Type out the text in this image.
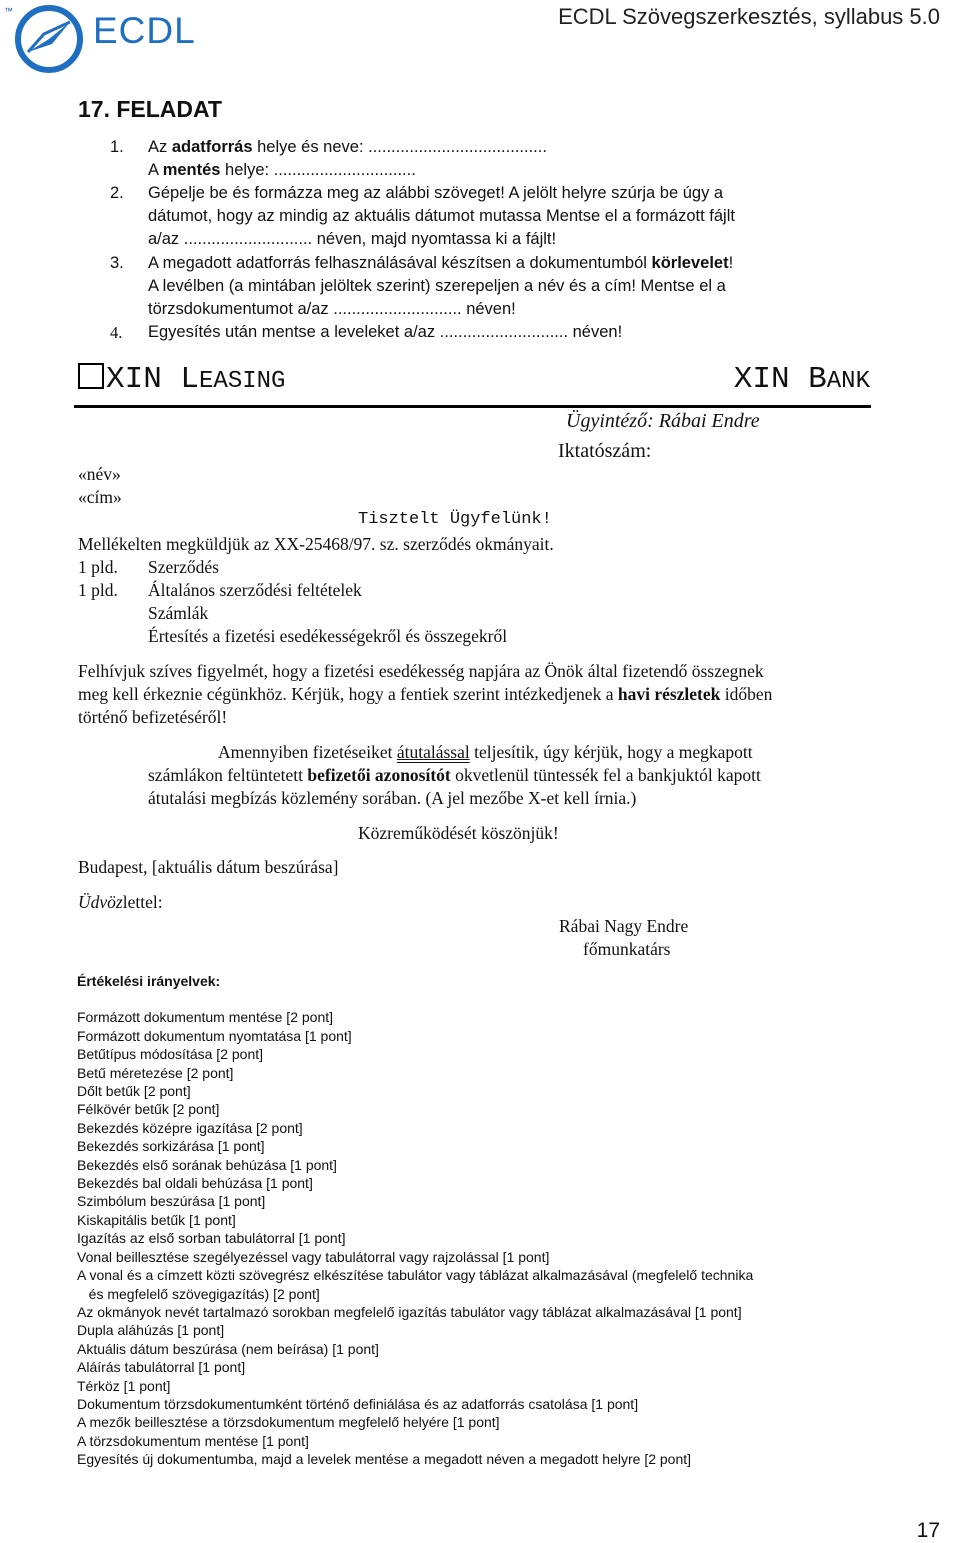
™ ECDL	ECDL Szövegszerkesztés, syllabus 5.0
17. FELADAT
1. Az adatforrás helye és neve: .......................................
A mentés helye: ...............................
2. Gépelje be és formázza meg az alábbi szöveget! A jelölt helyre szúrja be úgy a
dátumot, hogy az mindig az aktuális dátumot mutassa Mentse el a formázott fájlt
a/az ............................ néven, majd nyomtassa ki a fájlt!
3. A megadott adatforrás felhasználásával készítsen a dokumentumból körlevelet!
A levélben (a mintában jelöltek szerint) szerepeljen a név és a cím! Mentse el a
törzsdokumentumot a/az ............................ néven!
4. Egyesítés után mentse a leveleket a/az ............................ néven!
XIN LEASING	XIN BANK
Ügyintéző: Rábai Endre
Iktatószám:
«név»
«cím»
Tisztelt Ügyfelünk!
Mellékelten megküldjük az XX-25468/97. sz. szerződés okmányait.
1 pld. Szerződés
1 pld. Általános szerződési feltételek
Számlák
Értesítés a fizetési esedékességekről és összegekről
Felhívjuk szíves figyelmét, hogy a fizetési esedékesség napjára az Önök által fizetendő összegnek
meg kell érkeznie cégünkhöz. Kérjük, hogy a fentiek szerint intézkedjenek a havi részletek időben
történő befizetéséről!
Amennyiben fizetéseiket átutalással teljesítik, úgy kérjük, hogy a megkapott
számlákon feltüntetett befizetői azonosítót okvetlenül tüntessék fel a bankjuktól kapott
átutalási megbízás közlemény sorában. (A jel mezőbe X-et kell írnia.)
Közreműködését köszönjük!
Budapest, [aktuális dátum beszúrása]
Üdvözlettel:
Rábai Nagy Endre
főmunkatárs
Értékelési irányelvek:

Formázott dokumentum mentése [2 pont]
Formázott dokumentum nyomtatása [1 pont]
Betűtípus módosítása [2 pont]
Betű méretezése [2 pont]
Dőlt betűk [2 pont]
Félkövér betűk [2 pont]
Bekezdés középre igazítása [2 pont]
Bekezdés sorkizárása [1 pont]
Bekezdés első sorának behúzása [1 pont]
Bekezdés bal oldali behúzása [1 pont]
Szimbólum beszúrása [1 pont]
Kiskapitális betűk [1 pont]
Igazítás az első sorban tabulátorral [1 pont]
Vonal beillesztése szegélyezéssel vagy tabulátorral vagy rajzolással [1 pont]
A vonal és a címzett közti szövegrész elkészítése tabulátor vagy táblázat alkalmazásával (megfelelő technika
és megfelelő szövegigazítás) [2 pont]
Az okmányok nevét tartalmazó sorokban megfelelő igazítás tabulátor vagy táblázat alkalmazásával [1 pont]
Dupla aláhúzás [1 pont]
Aktuális dátum beszúrása (nem beírása) [1 pont]
Aláírás tabulátorral [1 pont]
Térköz [1 pont]
Dokumentum törzsdokumentumként történő definiálása és az adatforrás csatolása [1 pont]
A mezők beillesztése a törzsdokumentum megfelelő helyére [1 pont]
A törzsdokumentum mentése [1 pont]
Egyesítés új dokumentumba, majd a levelek mentése a megadott néven a megadott helyre [2 pont]

17
